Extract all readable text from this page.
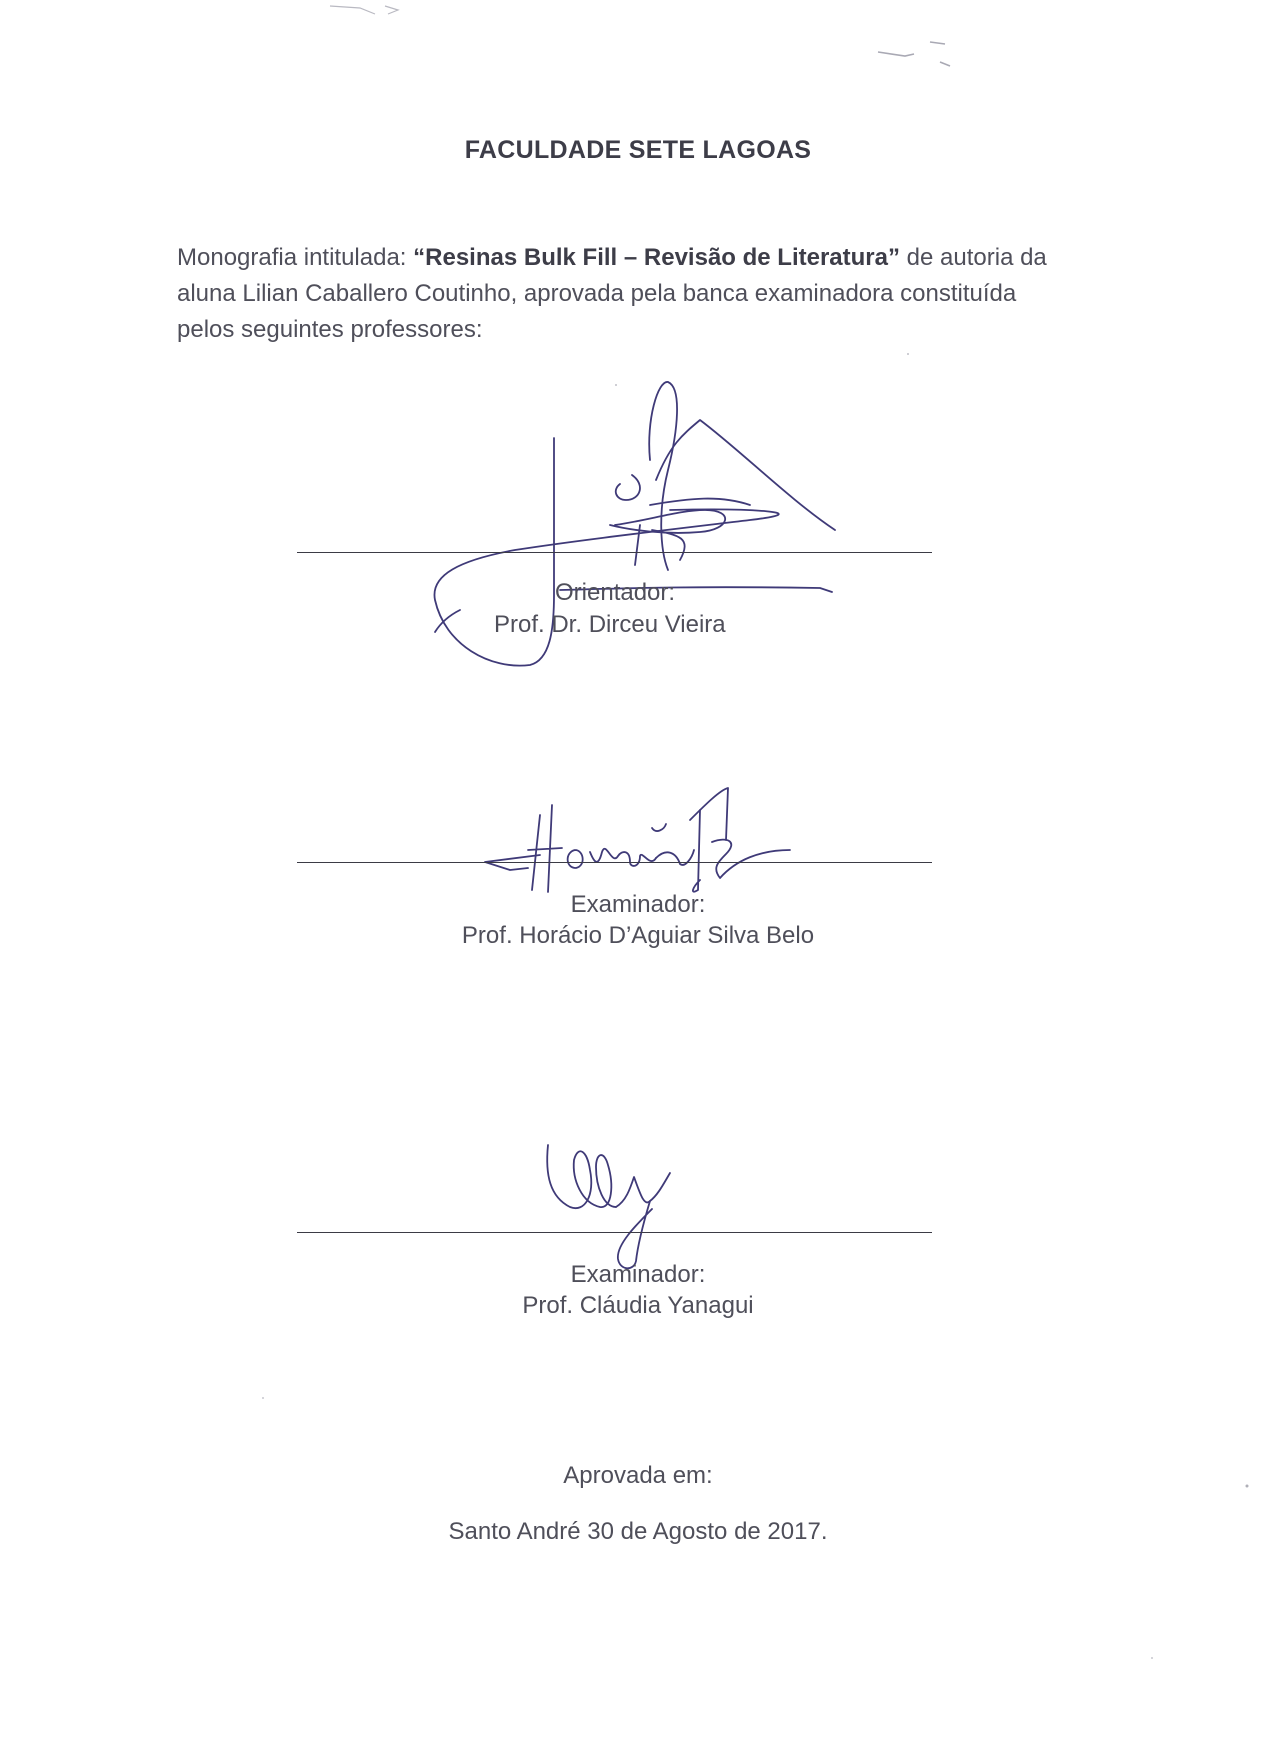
FACULDADE SETE LAGOAS
Monografia intitulada: “Resinas Bulk Fill – Revisão de Literatura” de autoria da aluna Lilian Caballero Coutinho, aprovada pela banca examinadora constituída pelos seguintes professores:
Orientador:
Prof. Dr. Dirceu Vieira
Examinador:
Prof. Horácio D’Aguiar Silva Belo
Examinador:
Prof. Cláudia Yanagui
Aprovada em:
Santo André 30 de Agosto de 2017.
